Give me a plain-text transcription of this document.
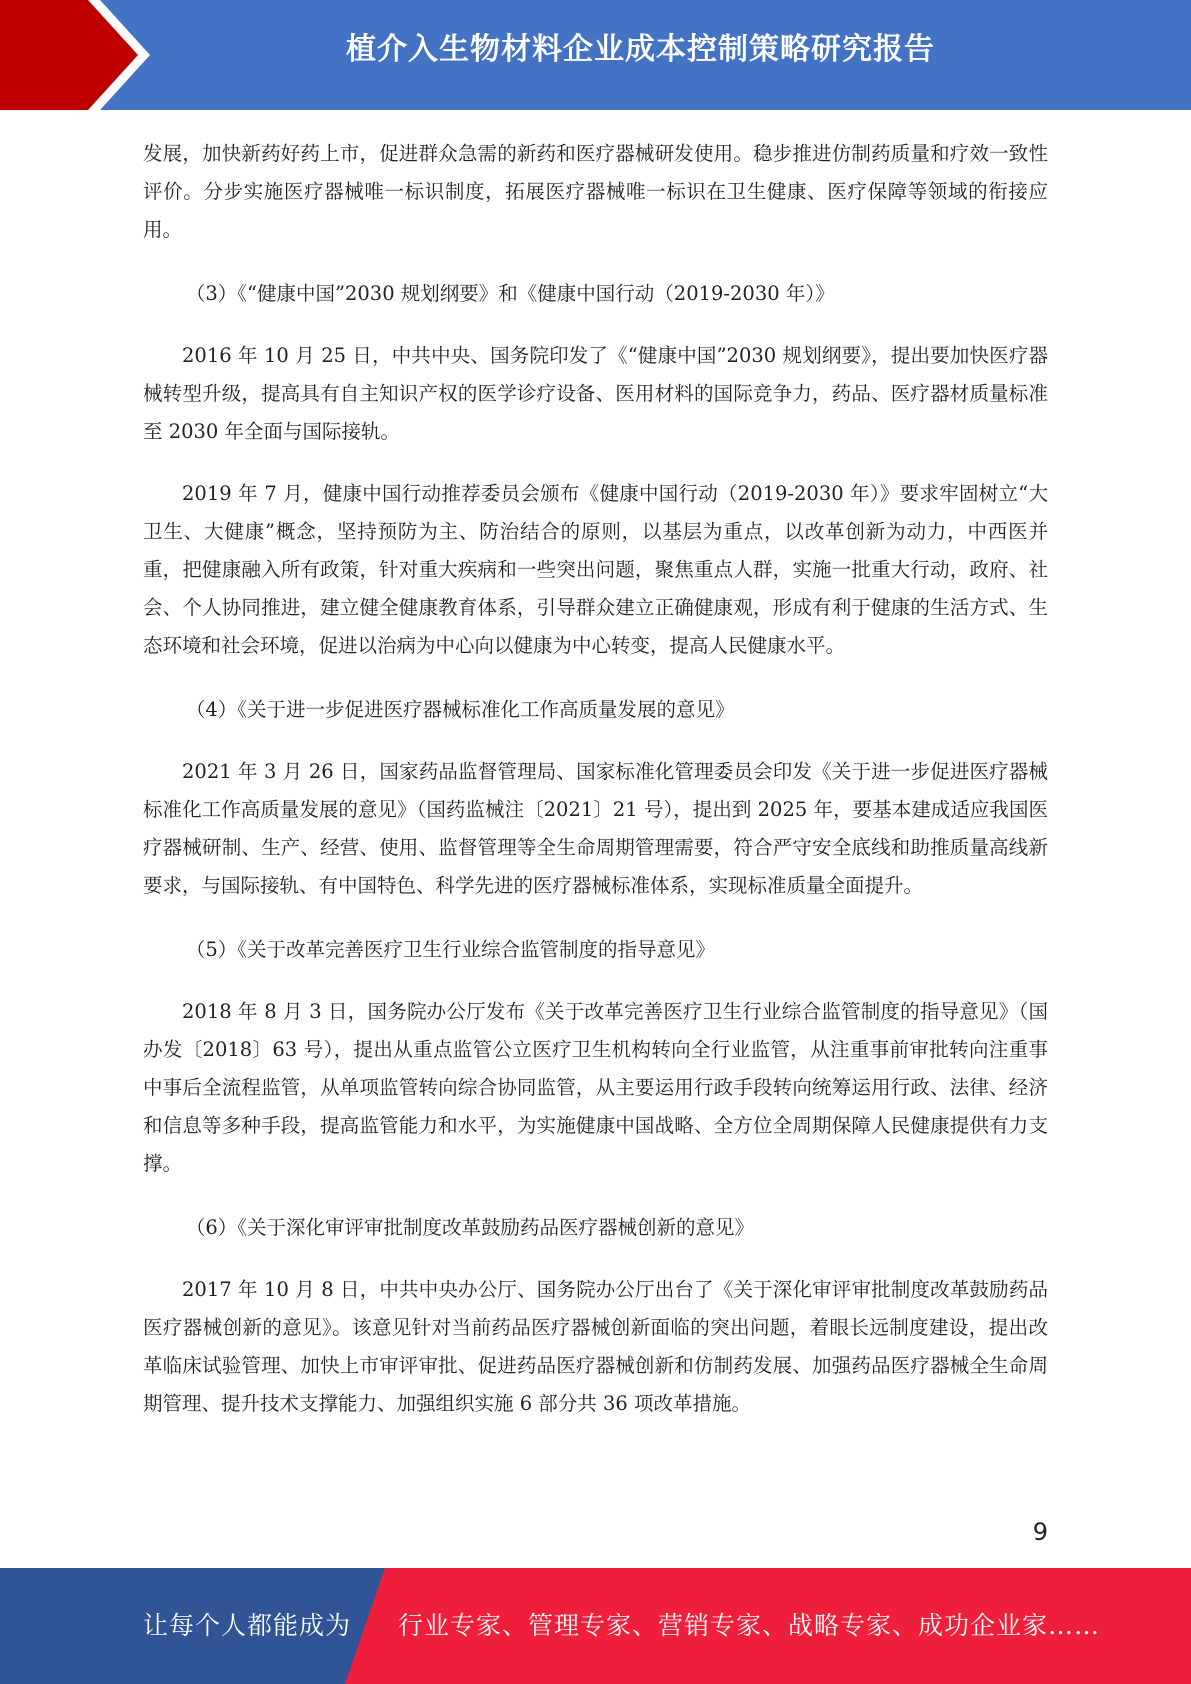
植介入生物材料企业成本控制策略研究报告

发展，加快新药好药上市，促进群众急需的新药和医疗器械研发使用。稳步推进仿制药质量和疗效一致性评价。分步实施医疗器械唯一标识制度，拓展医疗器械唯一标识在卫生健康、医疗保障等领域的衔接应用。

（3）《“健康中国”2030 规划纲要》和《健康中国行动（2019-2030 年）》

2016 年 10 月 25 日，中共中央、国务院印发了《“健康中国”2030 规划纲要》，提出要加快医疗器械转型升级，提高具有自主知识产权的医学诊疗设备、医用材料的国际竞争力，药品、医疗器材质量标准至 2030 年全面与国际接轨。

2019 年 7 月，健康中国行动推荐委员会颁布《健康中国行动（2019-2030 年）》要求牢固树立“大卫生、大健康”概念，坚持预防为主、防治结合的原则，以基层为重点，以改革创新为动力，中西医并重，把健康融入所有政策，针对重大疾病和一些突出问题，聚焦重点人群，实施一批重大行动，政府、社会、个人协同推进，建立健全健康教育体系，引导群众建立正确健康观，形成有利于健康的生活方式、生态环境和社会环境，促进以治病为中心向以健康为中心转变，提高人民健康水平。

（4）《关于进一步促进医疗器械标准化工作高质量发展的意见》

2021 年 3 月 26 日，国家药品监督管理局、国家标准化管理委员会印发《关于进一步促进医疗器械标准化工作高质量发展的意见》（国药监械注〔2021〕21 号），提出到 2025 年，要基本建成适应我国医疗器械研制、生产、经营、使用、监督管理等全生命周期管理需要，符合严守安全底线和助推质量高线新要求，与国际接轨、有中国特色、科学先进的医疗器械标准体系，实现标准质量全面提升。

（5）《关于改革完善医疗卫生行业综合监管制度的指导意见》

2018 年 8 月 3 日，国务院办公厅发布《关于改革完善医疗卫生行业综合监管制度的指导意见》（国办发〔2018〕63 号），提出从重点监管公立医疗卫生机构转向全行业监管，从注重事前审批转向注重事中事后全流程监管，从单项监管转向综合协同监管，从主要运用行政手段转向统筹运用行政、法律、经济和信息等多种手段，提高监管能力和水平，为实施健康中国战略、全方位全周期保障人民健康提供有力支撑。

（6）《关于深化审评审批制度改革鼓励药品医疗器械创新的意见》

2017 年 10 月 8 日，中共中央办公厅、国务院办公厅出台了《关于深化审评审批制度改革鼓励药品医疗器械创新的意见》。该意见针对当前药品医疗器械创新面临的突出问题，着眼长远制度建设，提出改革临床试验管理、加快上市审评审批、促进药品医疗器械创新和仿制药发展、加强药品医疗器械全生命周期管理、提升技术支撑能力、加强组织实施 6 部分共 36 项改革措施。

9
让每个人都能成为 行业专家、管理专家、营销专家、战略专家、成功企业家……
